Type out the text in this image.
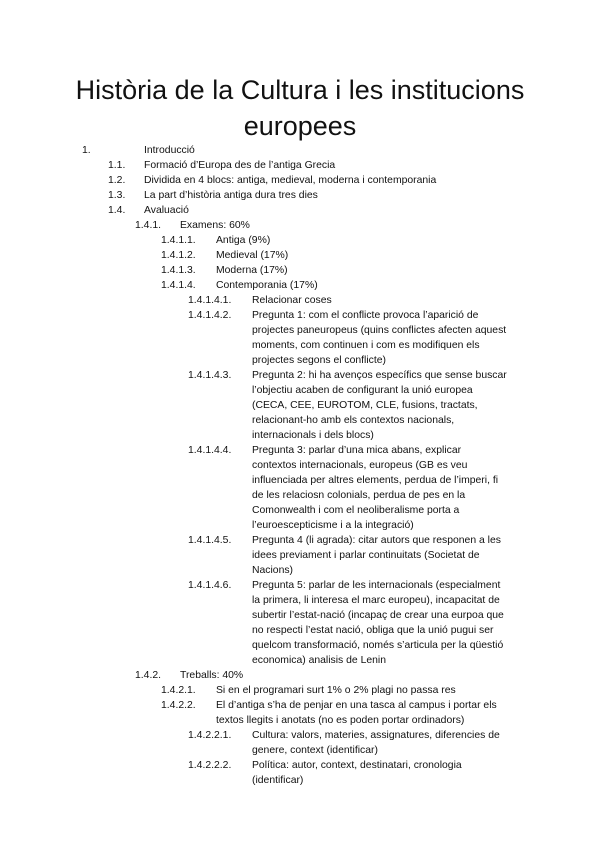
Història de la Cultura i les institucions europees
1.	Introducció
1.1.	Formació d’Europa des de l’antiga Grecia
1.2.	Dividida en 4 blocs: antiga, medieval, moderna i contemporania
1.3.	La part d’història antiga dura tres dies
1.4.	Avaluació
1.4.1.	Examens: 60%
1.4.1.1.	Antiga (9%)
1.4.1.2.	Medieval (17%)
1.4.1.3.	Moderna (17%)
1.4.1.4.	Contemporania (17%)
1.4.1.4.1.	Relacionar coses
1.4.1.4.2.	Pregunta 1: com el conflicte provoca l’aparició de
projectes paneuropeus (quins conflictes afecten aquest
moments, com continuen i com es modifiquen els
projectes segons el conflicte)
1.4.1.4.3.	Pregunta 2: hi ha avenços específics que sense buscar
l’objectiu acaben de configurant la unió europea
(CECA, CEE, EUROTOM, CLE, fusions, tractats,
relacionant-ho amb els contextos nacionals,
internacionals i dels blocs)
1.4.1.4.4.	Pregunta 3: parlar d’una mica abans, explicar
contextos internacionals, europeus (GB es veu
influenciada per altres elements, perdua de l’imperi, fi
de les relaciosn colonials, perdua de pes en la
Comonwealth i com el neoliberalisme porta a
l’euroescepticisme i a la integració)
1.4.1.4.5.	Pregunta 4 (li agrada): citar autors que responen a les
idees previament i parlar continuitats (Societat de
Nacions)
1.4.1.4.6.	Pregunta 5: parlar de les internacionals (especialment
la primera, li interesa el marc europeu), incapacitat de
subertir l’estat-nació (incapaç de crear una eurpoa que
no respecti l’estat nació, obliga que la unió pugui ser
quelcom transformació, només s’articula per la qüestió
economica) analisis de Lenin
1.4.2.	Treballs: 40%
1.4.2.1.	Si en el programari surt 1% o 2% plagi no passa res
1.4.2.2.	El d’antiga s’ha de penjar en una tasca al campus i portar els
textos llegits i anotats (no es poden portar ordinadors)
1.4.2.2.1.	Cultura: valors, materies, assignatures, diferencies de
genere, context (identificar)
1.4.2.2.2.	Política: autor, context, destinatari, cronologia
(identificar)
